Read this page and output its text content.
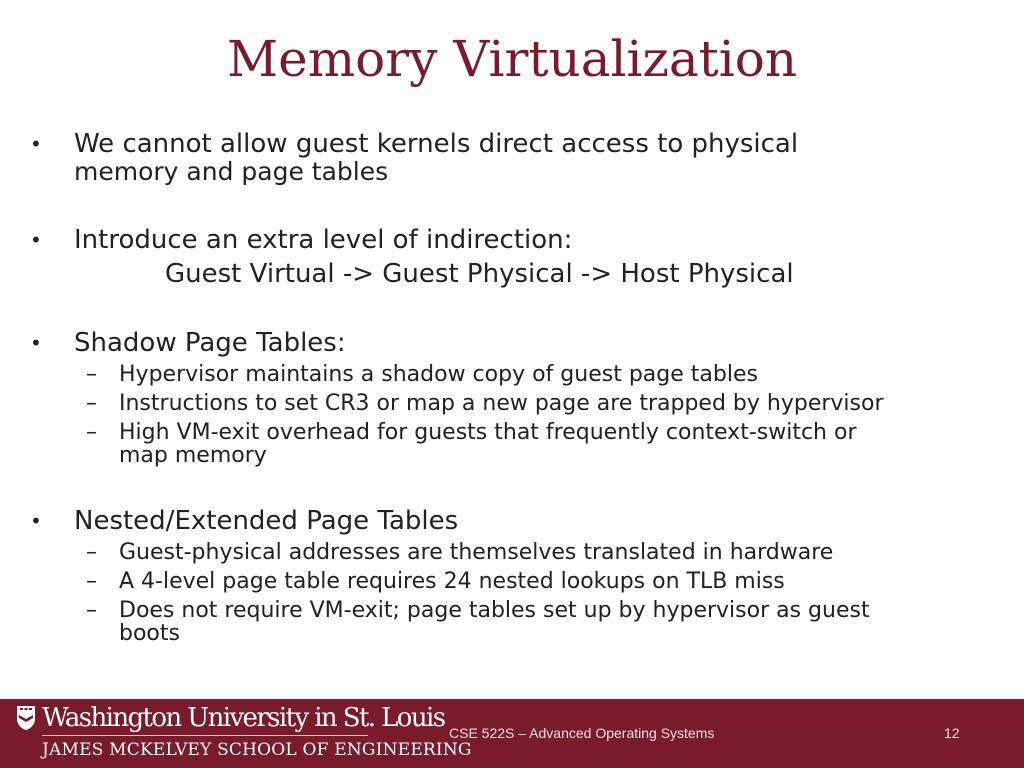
Memory Virtualization
• We cannot allow guest kernels direct access to physical
memory and page tables
• Introduce an extra level of indirection:
Guest Virtual -> Guest Physical -> Host Physical
• Shadow Page Tables:
– Hypervisor maintains a shadow copy of guest page tables
– Instructions to set CR3 or map a new page are trapped by hypervisor
– High VM-exit overhead for guests that frequently context-switch or
map memory
• Nested/Extended Page Tables
– Guest-physical addresses are themselves translated in hardware
– A 4-level page table requires 24 nested lookups on TLB miss
– Does not require VM-exit; page tables set up by hypervisor as guest
boots
Washington University in St. Louis
JAMES MCKELVEY SCHOOL OF ENGINEERING
CSE 522S – Advanced Operating Systems	12
